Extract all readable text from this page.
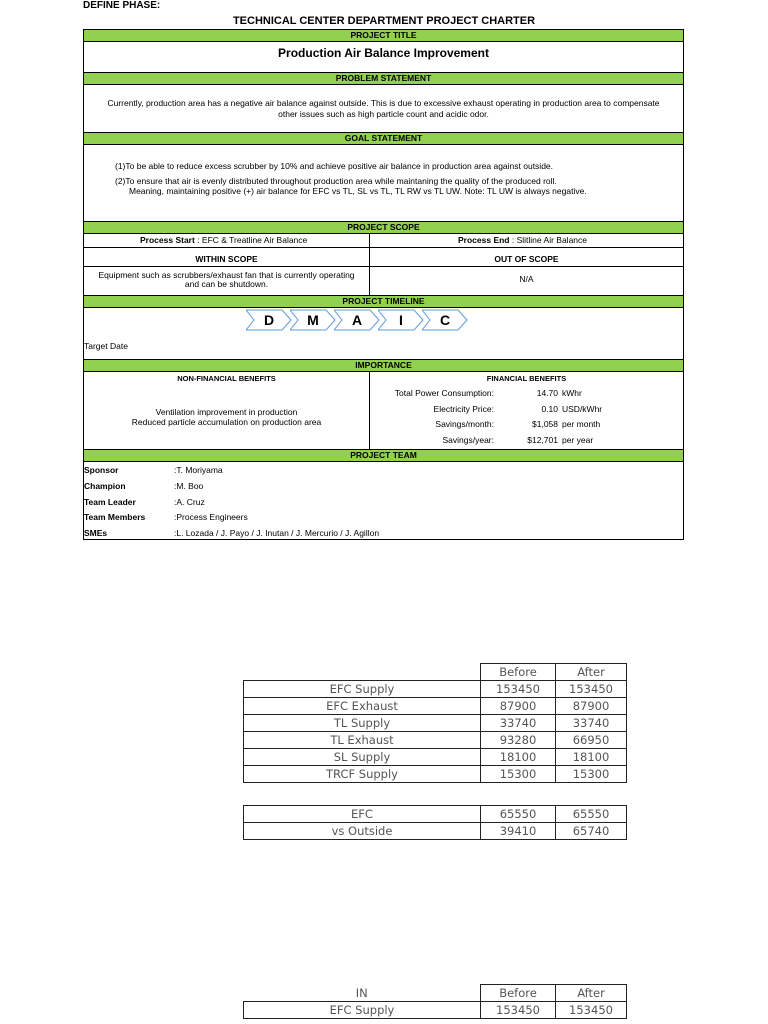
DEFINE PHASE:
TECHNICAL CENTER DEPARTMENT PROJECT CHARTER
PROJECT TITLE
Production Air Balance Improvement
PROBLEM STATEMENT
Currently, production area has a negative air balance against outside. This is due to excessive exhaust operating in production area to compensate
other issues such as high particle count and acidic odor.
GOAL STATEMENT
(1)To be able to reduce excess scrubber by 10% and achieve positive air balance in production area against outside.
(2)To ensure that air is evenly distributed throughout production area while maintaning the quality of the produced roll.
Meaning, maintaining positive (+) air balance for EFC vs TL, SL vs TL, TL RW vs TL UW. Note: TL UW is always negative.
PROJECT SCOPE
Process Start : EFC & Treatline Air Balance	Process End : Slitline Air Balance
WITHIN SCOPE	OUT OF SCOPE
Equipment such as scrubbers/exhaust fan that is currently operating
and can be shutdown.	N/A
PROJECT TIMELINE
Target Date
IMPORTANCE
NON-FINANCIAL BENEFITS
Ventilation improvement in production
Reduced particle accumulation on production area
FINANCIAL BENEFITS
Total Power Consumption:	14.70 kWhr
Electricity Price:	0.10 USD/kWhr
Savings/month:	$1,058 per month
Savings/year:	$12,701 per year
PROJECT TEAM
Sponsor	:T. Moriyama
Champion	:M. Boo
Team Leader	:A. Cruz
Team Members	:Process Engineers
SMEs	:L. Lozada / J. Payo / J. Inutan / J. Mercurio / J. Agillon
D	M	A	I	C
	Before	After
EFC Supply	153450	153450
EFC Exhaust	87900	87900
TL Supply	33740	33740
TL Exhaust	93280	66950
SL Supply	18100	18100
TRCF Supply	15300	15300
EFC	65550	65550
vs Outside	39410	65740
IN	Before	After
EFC Supply	153450	153450
